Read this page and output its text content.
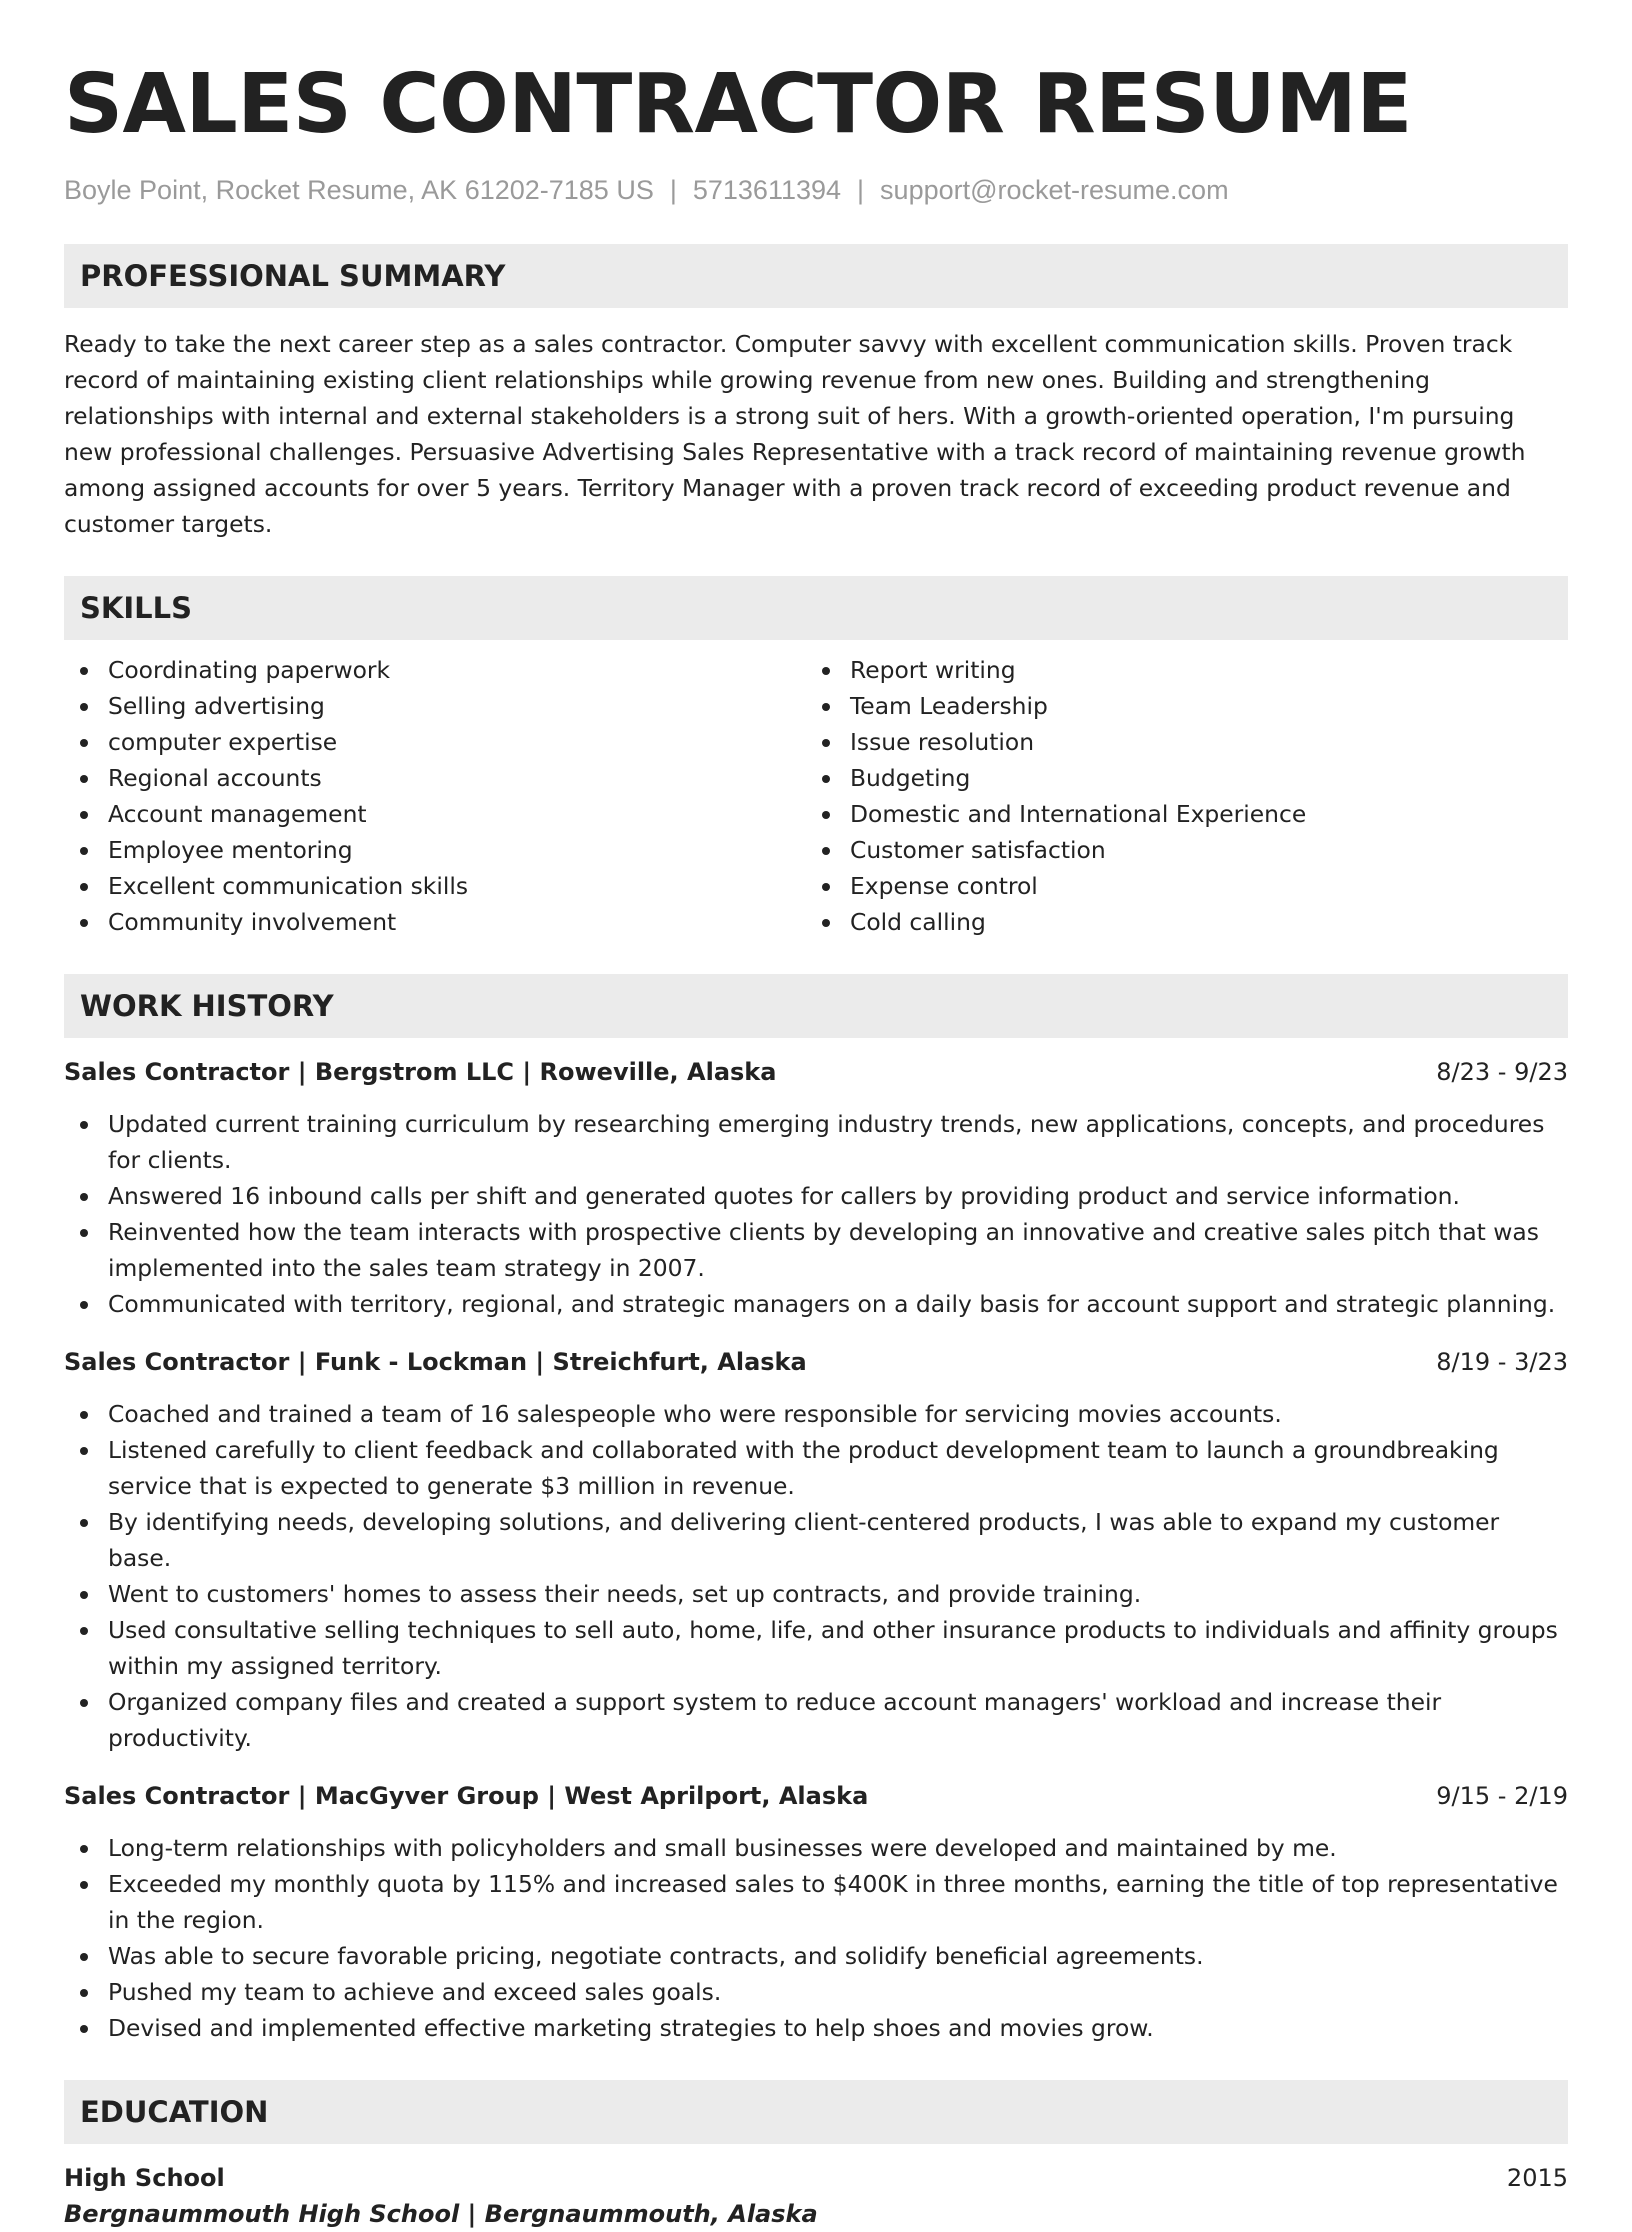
SALES CONTRACTOR RESUME
Boyle Point, Rocket Resume, AK 61202-7185 US | 5713611394 | support@rocket-resume.com
PROFESSIONAL SUMMARY
Ready to take the next career step as a sales contractor. Computer savvy with excellent communication skills. Proven track record of maintaining existing client relationships while growing revenue from new ones. Building and strengthening relationships with internal and external stakeholders is a strong suit of hers. With a growth-oriented operation, I'm pursuing new professional challenges. Persuasive Advertising Sales Representative with a track record of maintaining revenue growth among assigned accounts for over 5 years. Territory Manager with a proven track record of exceeding product revenue and customer targets.
SKILLS
Coordinating paperwork
Selling advertising
computer expertise
Regional accounts
Account management
Employee mentoring
Excellent communication skills
Community involvement
Report writing
Team Leadership
Issue resolution
Budgeting
Domestic and International Experience
Customer satisfaction
Expense control
Cold calling
WORK HISTORY
Sales Contractor | Bergstrom LLC | Roweville, Alaska	8/23 - 9/23
Updated current training curriculum by researching emerging industry trends, new applications, concepts, and procedures for clients.
Answered 16 inbound calls per shift and generated quotes for callers by providing product and service information.
Reinvented how the team interacts with prospective clients by developing an innovative and creative sales pitch that was implemented into the sales team strategy in 2007.
Communicated with territory, regional, and strategic managers on a daily basis for account support and strategic planning.
Sales Contractor | Funk - Lockman | Streichfurt, Alaska	8/19 - 3/23
Coached and trained a team of 16 salespeople who were responsible for servicing movies accounts.
Listened carefully to client feedback and collaborated with the product development team to launch a groundbreaking service that is expected to generate $3 million in revenue.
By identifying needs, developing solutions, and delivering client-centered products, I was able to expand my customer base.
Went to customers' homes to assess their needs, set up contracts, and provide training.
Used consultative selling techniques to sell auto, home, life, and other insurance products to individuals and affinity groups within my assigned territory.
Organized company files and created a support system to reduce account managers' workload and increase their productivity.
Sales Contractor | MacGyver Group | West Aprilport, Alaska	9/15 - 2/19
Long-term relationships with policyholders and small businesses were developed and maintained by me.
Exceeded my monthly quota by 115% and increased sales to $400K in three months, earning the title of top representative in the region.
Was able to secure favorable pricing, negotiate contracts, and solidify beneficial agreements.
Pushed my team to achieve and exceed sales goals.
Devised and implemented effective marketing strategies to help shoes and movies grow.
EDUCATION
High School	2015
Bergnaummouth High School | Bergnaummouth, Alaska
